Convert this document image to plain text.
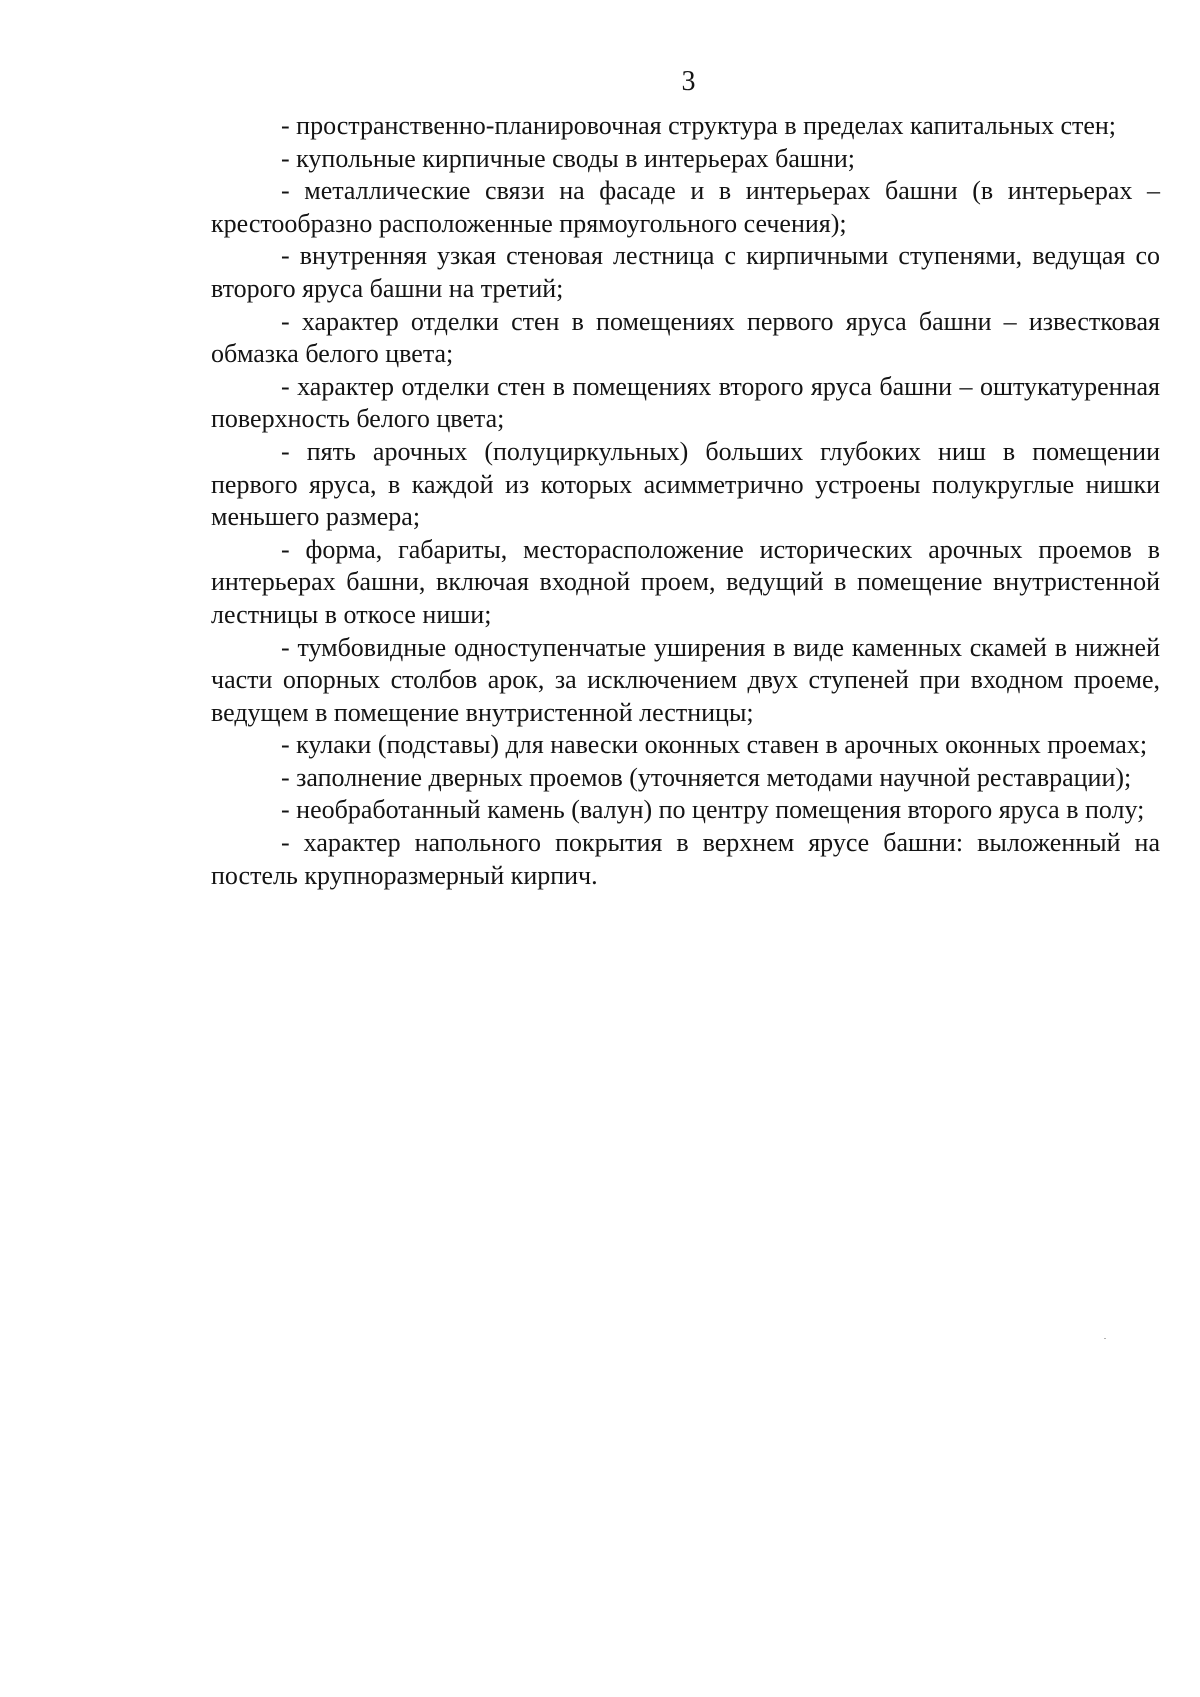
3

- пространственно-планировочная структура в пределах капитальных стен;

- купольные кирпичные своды в интерьерах башни;

- металлические связи на фасаде и в интерьерах башни (в интерьерах – крестообразно расположенные прямоугольного сечения);

- внутренняя узкая стеновая лестница с кирпичными ступенями, ведущая со второго яруса башни на третий;

- характер отделки стен в помещениях первого яруса башни – известковая обмазка белого цвета;

- характер отделки стен в помещениях второго яруса башни – оштукатуренная поверхность белого цвета;

- пять арочных (полуциркульных) больших глубоких ниш в помещении первого яруса, в каждой из которых асимметрично устроены полукруглые нишки меньшего размера;

- форма, габариты, месторасположение исторических арочных проемов в интерьерах башни, включая входной проем, ведущий в помещение внутристенной лестницы в откосе ниши;

- тумбовидные одноступенчатые уширения в виде каменных скамей в нижней части опорных столбов арок, за исключением двух ступеней при входном проеме, ведущем в помещение внутристенной лестницы;

- кулаки (подставы) для навески оконных ставен в арочных оконных проемах;

- заполнение дверных проемов (уточняется методами научной реставрации);

- необработанный камень (валун) по центру помещения второго яруса в полу;

- характер напольного покрытия в верхнем ярусе башни: выложенный на постель крупноразмерный кирпич.
